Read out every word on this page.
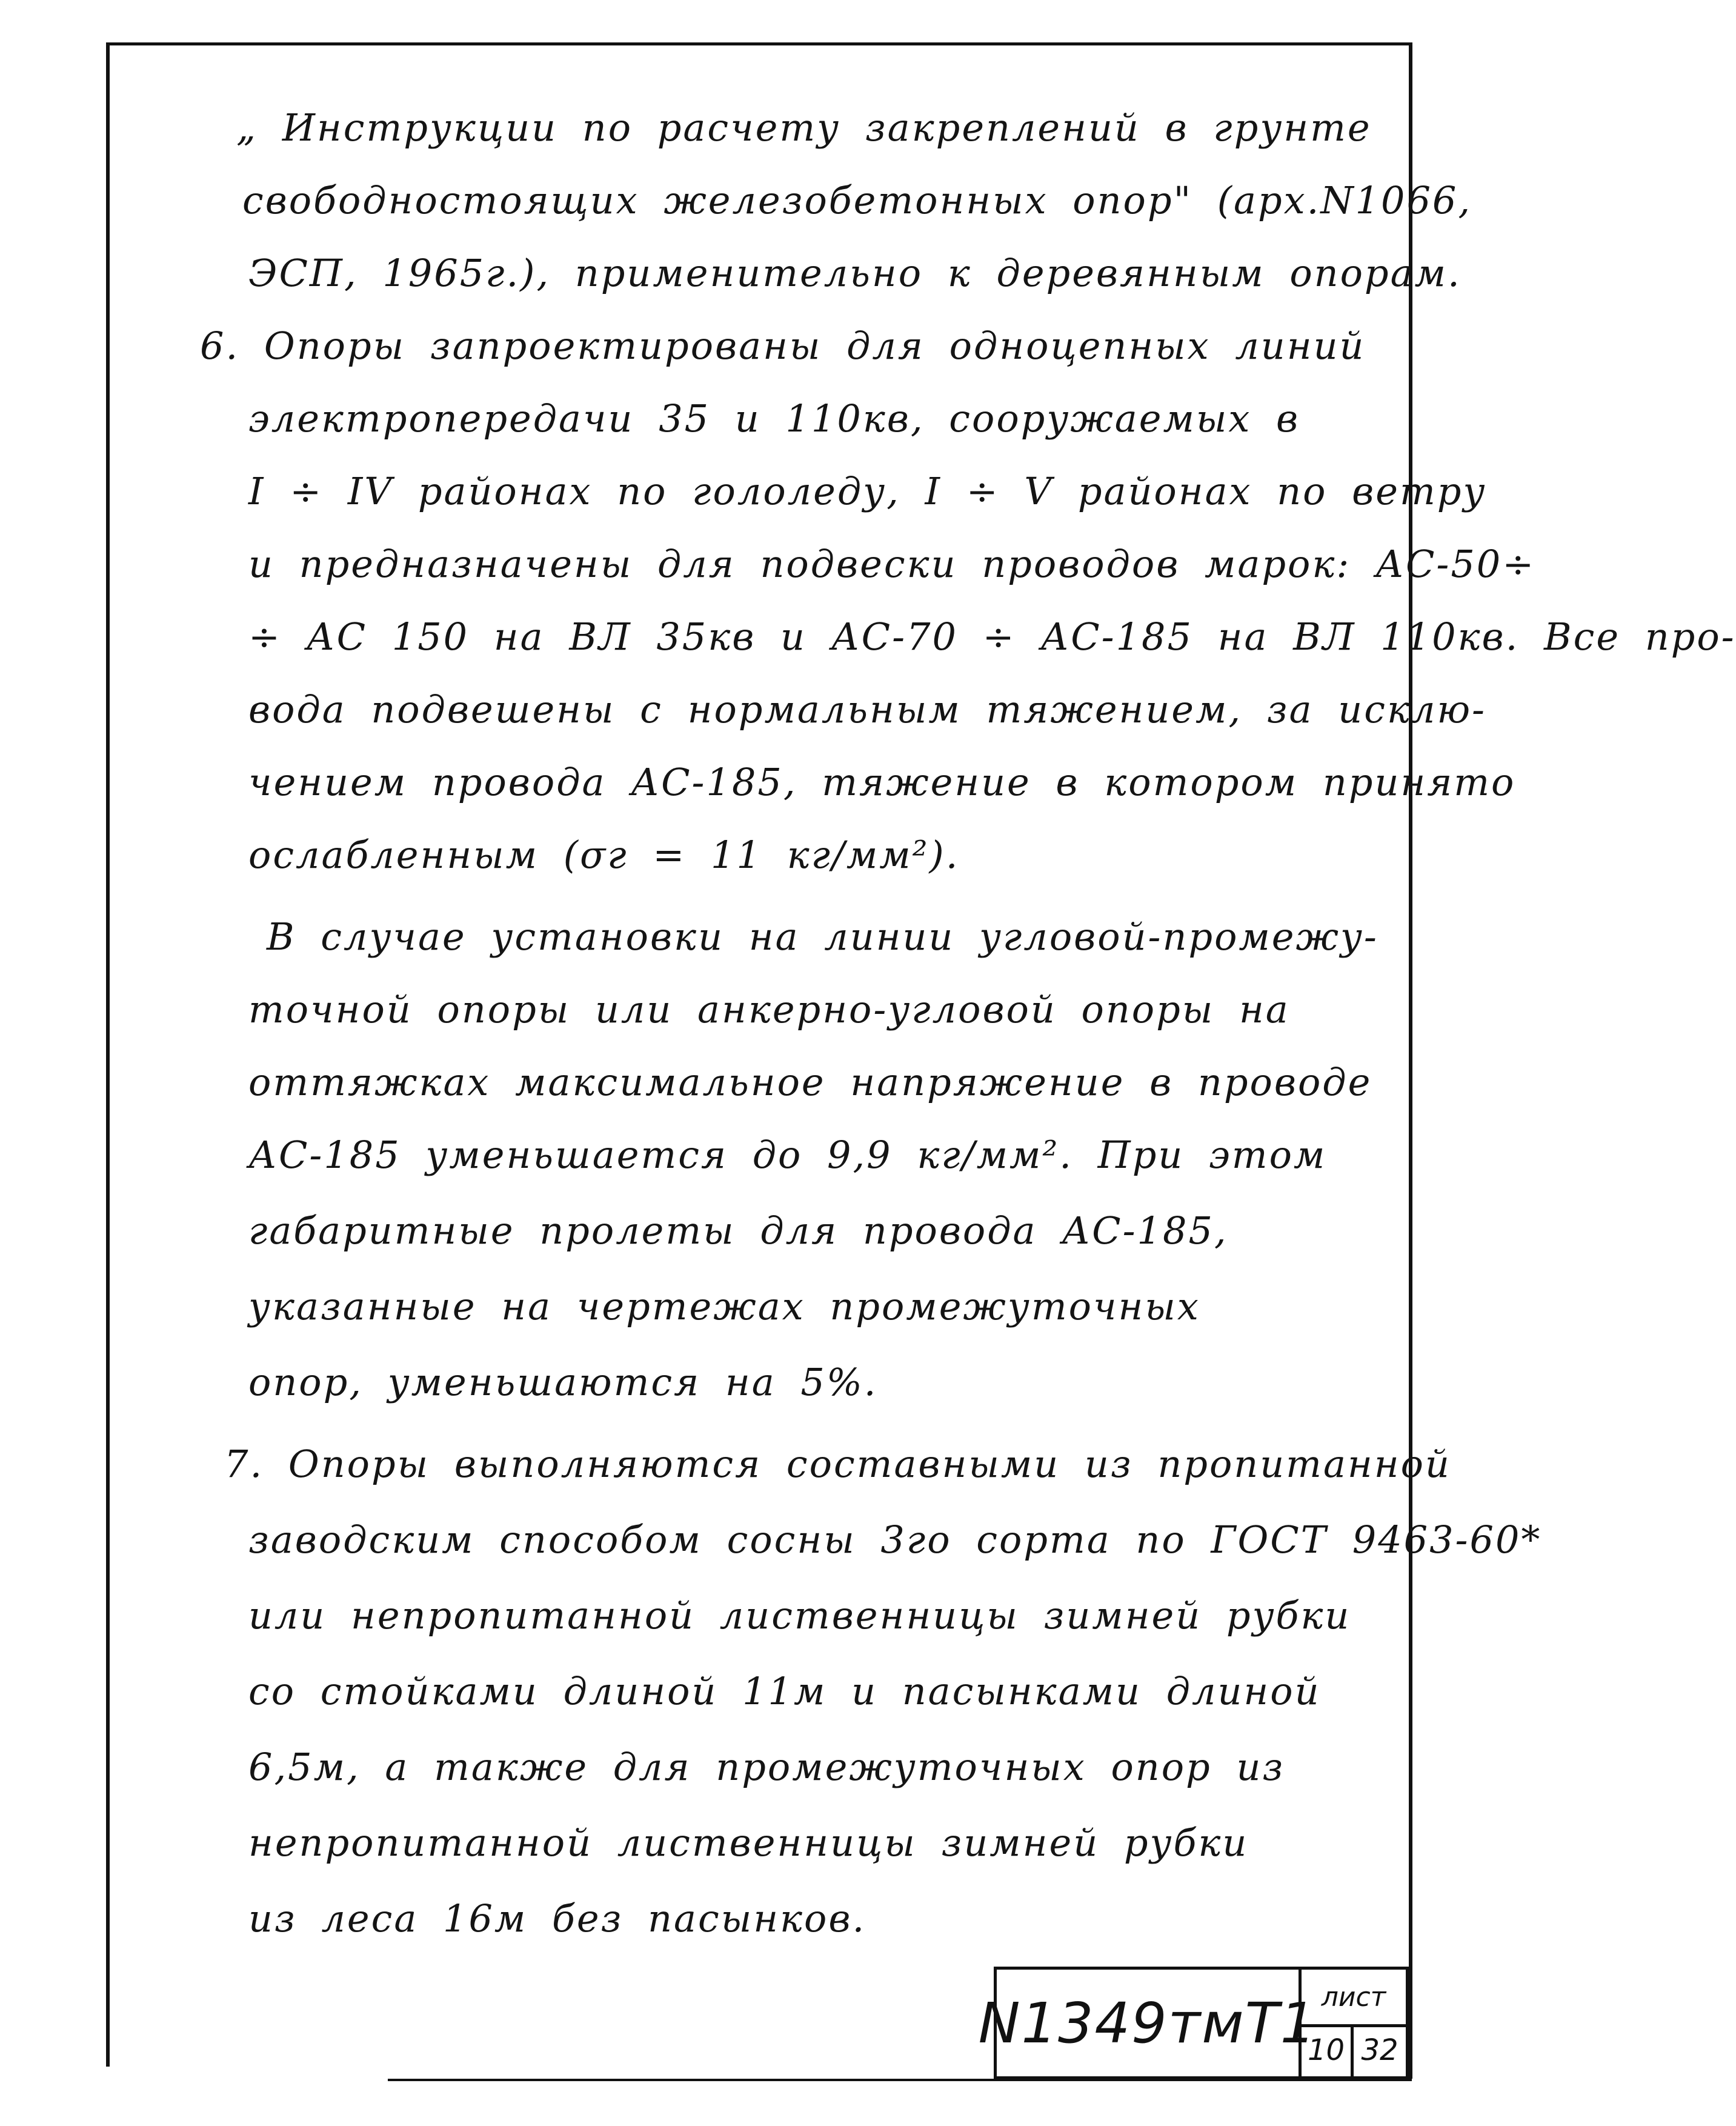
„ Инструкции по расчету закреплений в грунте
свободностоящих железобетонных опор" (арх.N1066,
ЭСП, 1965г.), применительно к деревянным опорам.
6. Опоры запроектированы для одноцепных линий
электропередачи 35 и 110кв, сооружаемых в
I ÷ IV районах по гололеду, I ÷ V районах по ветру
и предназначены для подвески проводов марок: АС-50÷
÷ АС 150 на ВЛ 35кв и АС-70 ÷ АС-185 на ВЛ 110кв. Все про-
вода подвешены с нормальным тяжением, за исклю-
чением провода АС-185, тяжение в котором принято
ослабленным (σг = 11 кг/мм²).
В случае установки на линии угловой-промежу-
точной опоры или анкерно-угловой опоры на
оттяжках максимальное напряжение в проводе
АС-185 уменьшается до 9,9 кг/мм². При этом
габаритные пролеты для провода АС-185,
указанные на чертежах промежуточных
опор, уменьшаются на 5%.
7. Опоры выполняются составными из пропитанной
заводским способом сосны 3го сорта по ГОСТ 9463-60*
или непропитанной лиственницы зимней рубки
со стойками длиной 11м и пасынками длиной
6,5м, а также для промежуточных опор из
непропитанной лиственницы зимней рубки
из леса 16м без пасынков.
N1349тмТ1 лист
10 32
